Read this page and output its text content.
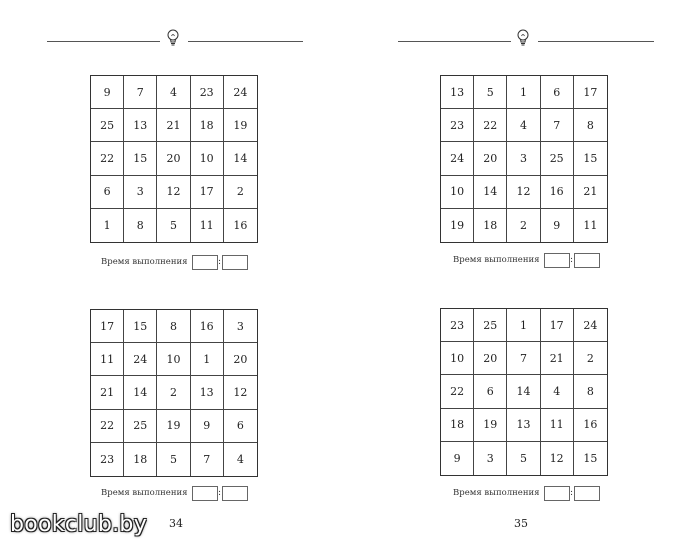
9	7	4	23	24
25	13	21	18	19
22	15	20	10	14
6	3	12	17	2
1	8	5	11	16
Время выполнения	:
17	15	8	16	3
11	24	10	1	20
21	14	2	13	12
22	25	19	9	6
23	18	5	7	4
Время выполнения	:
34
13	5	1	6	17
23	22	4	7	8
24	20	3	25	15
10	14	12	16	21
19	18	2	9	11
Время выполнения	:
23	25	1	17	24
10	20	7	21	2
22	6	14	4	8
18	19	13	11	16
9	3	5	12	15
Время выполнения	:
35
bookclub.by
